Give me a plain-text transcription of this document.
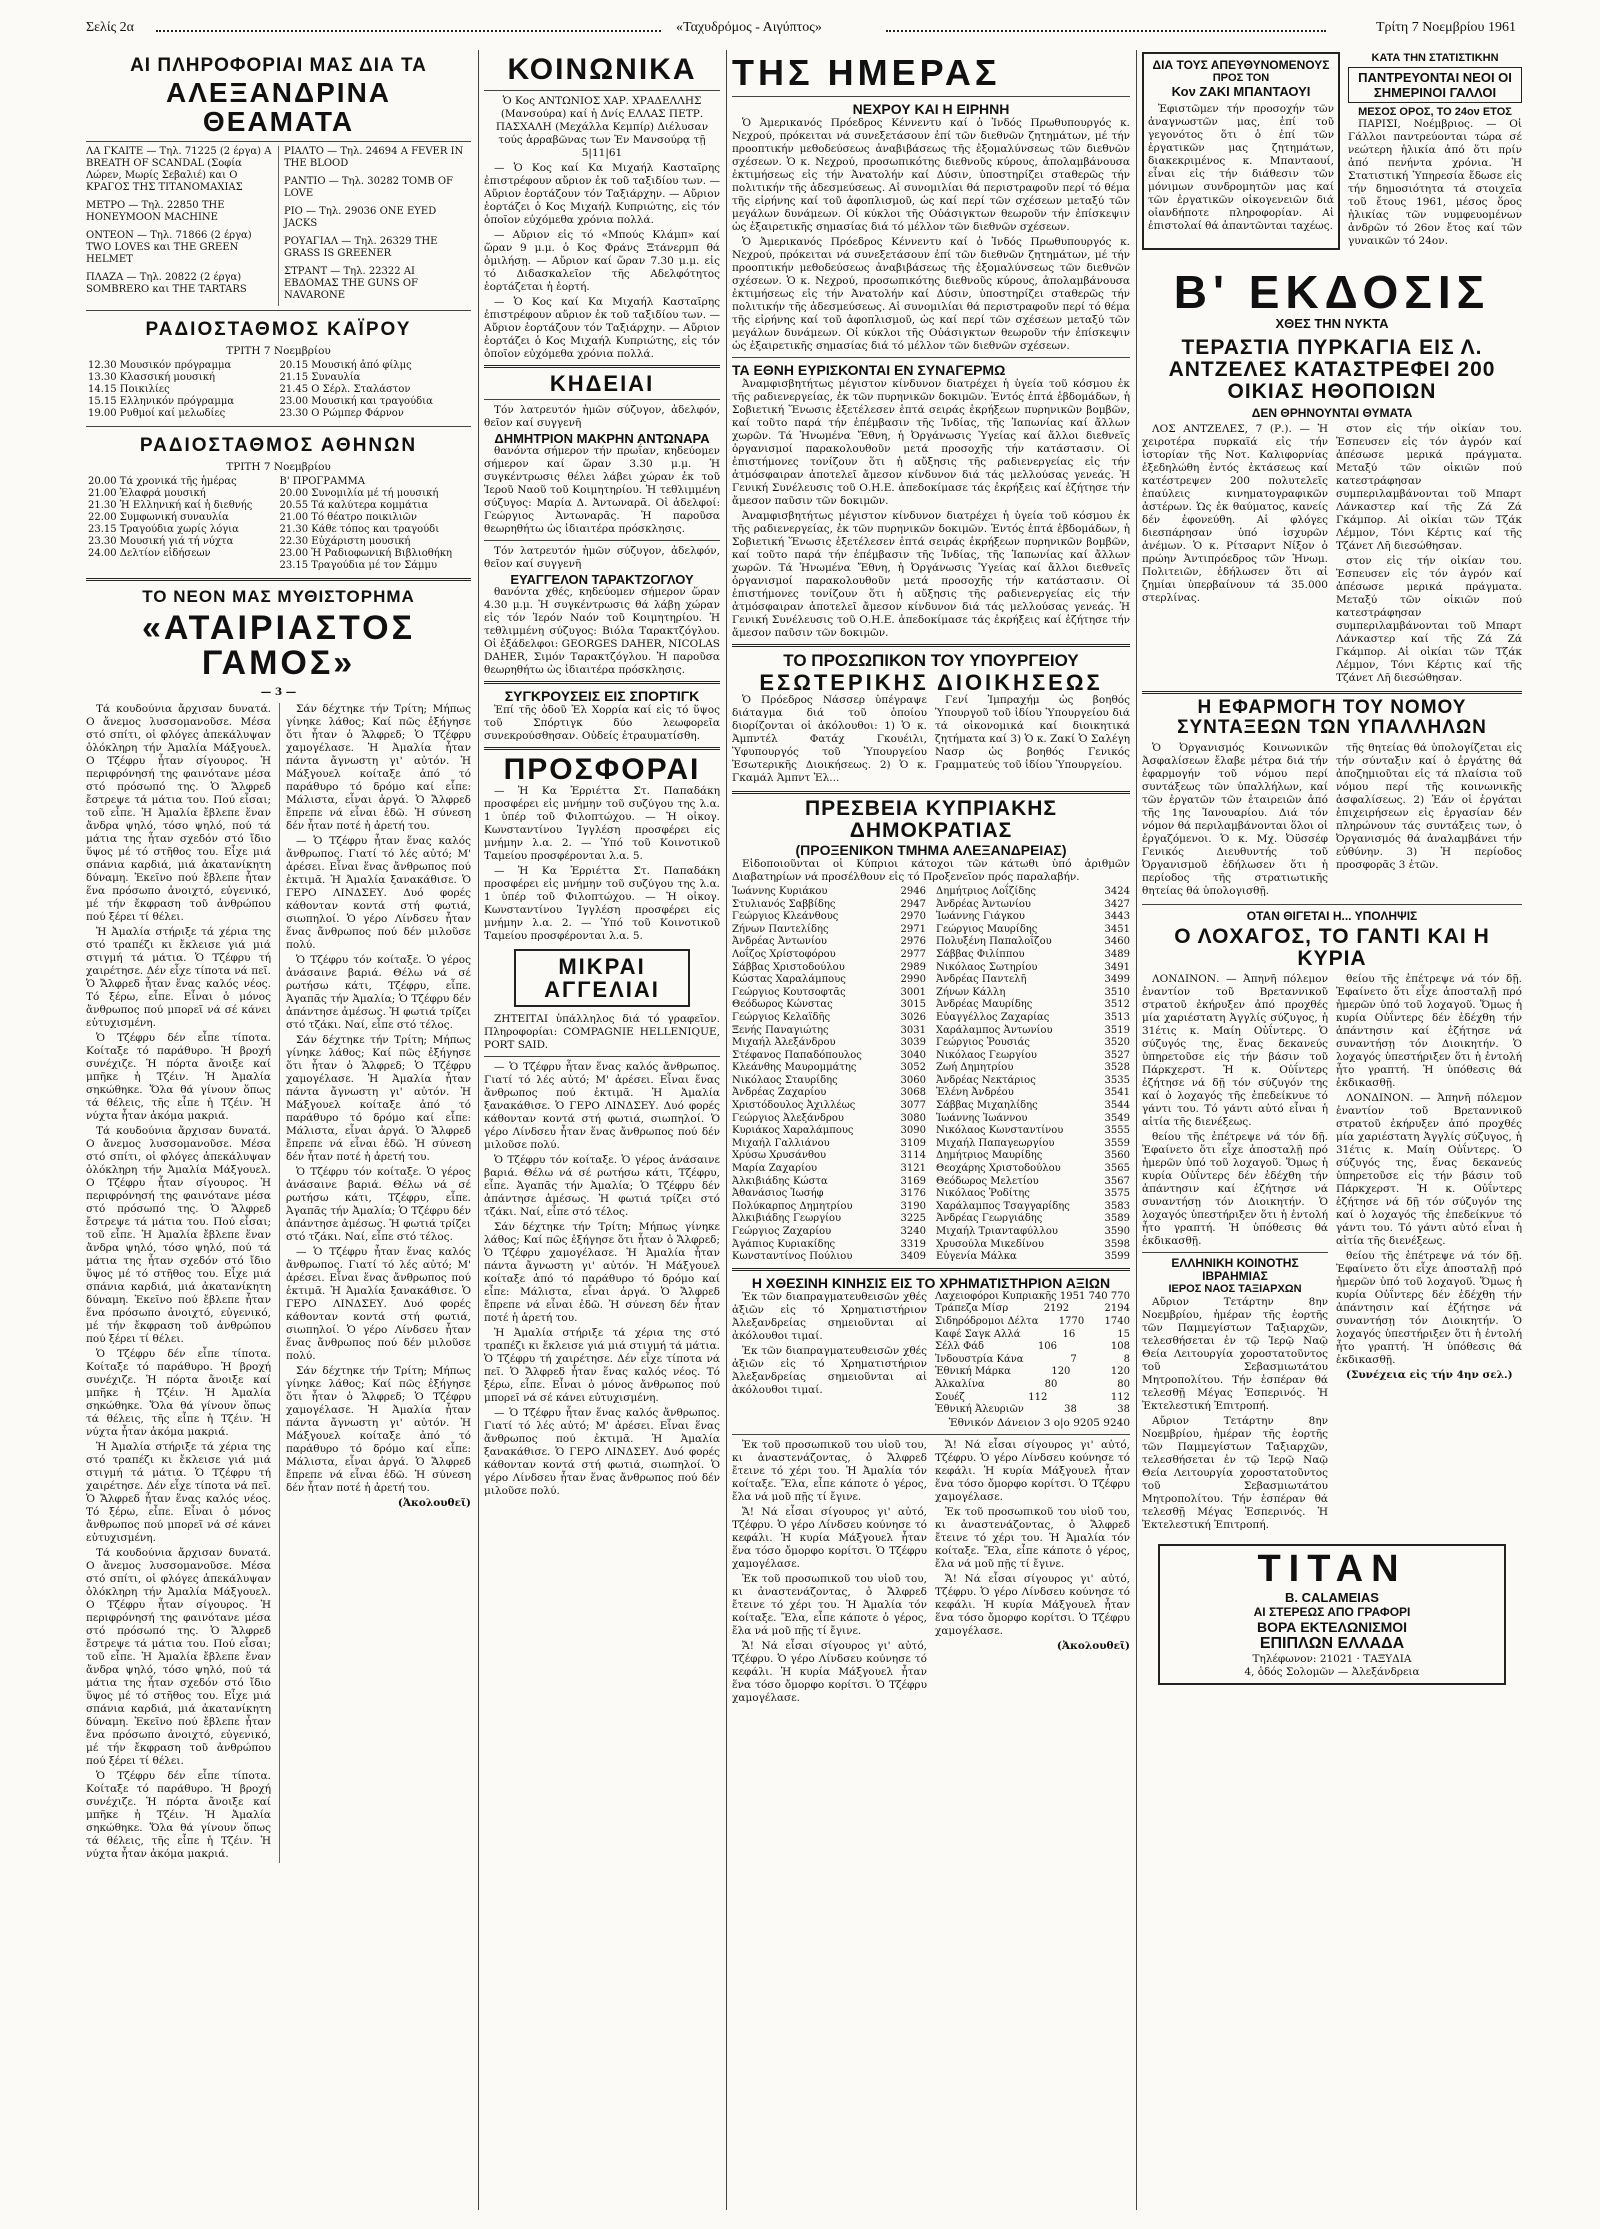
Σελίς 2α	«Ταχυδρόμος - Αιγύπτος»	Τρίτη 7 Νοεμβρίου 1961
ΑΙ ΠΛΗΡΟΦΟΡΙΑΙ ΜΑΣ ΔΙΑ ΤΑ
ΑΛΕΞΑΝΔΡΙΝΑ ΘΕΑΜΑΤΑ
ΛΑ ΓΚΑΙΤΕ — Τηλ. 71225 (2 έργα) A BREATH OF SCANDAL (Σοφία Λώρεν, Μωρίς Σεβαλιέ) και Ο ΚΡΑΓΟΣ ΤΗΣ ΤΙΤΑΝΟΜΑΧΙΑΣ
ΜΕΤΡΟ — Τηλ. 22850 THE HONEYMOON MACHINE
ΟΝΤΕΟΝ — Τηλ. 71866 (2 έργα) TWO LOVES και THE GREEN HELMET
ΠΛΑΖΑ — Τηλ. 20822 (2 έργα) SOMBRERO και THE TARTARS

ΡΙΑΛΤΟ — Τηλ. 24694 A FEVER IN THE BLOOD
ΡΑΝΤΙΟ — Τηλ. 30282 TOMB OF LOVE
ΡΙΟ — Τηλ. 29036 ONE EYED JACKS
ΡΟΥΑΓΙΑΛ — Τηλ. 26329 THE GRASS IS GREENER
ΣΤΡΑΝΤ — Τηλ. 22322 ΑΙ ΕΒΔΟΜΑΣ THE GUNS OF NAVARONE
ΡΑΔΙΟΣΤΑΘΜΟΣ ΚΑΪΡΟΥ
ΤΡΙΤΗ 7 Νοεμβρίου
12.30 Μουσικόν πρόγραμμα
13.30 Κλασσική μουσική
14.15 Ποικιλίες
15.15 Ελληνικόν πρόγραμμα
19.00 Ρυθμοί καί μελωδίες

20.15 Μουσική ἀπό φίλμς
21.15 Συναυλία
21.45 Ο Σέρλ. Σταλάστον
23.00 Μουσική και τραγούδια
23.30 Ο Ρώμπερ Φάρνον
ΡΑΔΙΟΣΤΑΘΜΟΣ ΑΘΗΝΩΝ
ΤΡΙΤΗ 7 Νοεμβρίου
20.00 Τά χρονικά τῆς ἡμέρας
21.00 Ἑλαφρά μουσική
21.30 Ἡ Ελληνική καί ἡ διεθνής
22.00 Συμφωνική συναυλία
23.15 Τραγούδια χωρίς λόγια
23.30 Μουσική γιά τή νύχτα
24.00 Δελτίον εἰδήσεων

Β' ΠΡΟΓΡΑΜΜΑ
20.00 Συνομιλία μέ τή μουσική
20.55 Τά καλύτερα κομμάτια
21.00 Τό θέατρο ποικιλιῶν
21.30 Κάθε τόπος και τραγούδι
22.30 Εὐχάριστη μουσική
23.00 Ἡ Ραδιοφωνική Βιβλιοθήκη
23.15 Τραγούδια μέ τον Σάμμυ
ΤΟ ΝΕΟΝ ΜΑΣ ΜΥΘΙΣΤΟΡΗΜΑ
«ΑΤΑΙΡΙΑΣΤΟΣ ΓΑΜΟΣ»
— 3 —

Τά κουδούνια ἄρχισαν δυνατά. Ο ἄνεμος λυσσομανοῦσε. Μέσα στό σπίτι, οἱ φλόγες ἀπεκάλυψαν ὁλόκληρη τήν Ἀμαλία Μάξγουελ. Ο Τζέφρυ ἦταν σίγουρος. Ἡ περιφρόνησή της φαινότανε μέσα στό πρόσωπό της. Ὁ Ἄλφρεδ ἔστρεψε τά μάτια του. Πού εἶσαι; τοῦ εἶπε. Ἡ Ἀμαλία ἔβλεπε ἕναν ἄνδρα ψηλό, τόσο ψηλό, πού τά μάτια της ἦταν σχεδόν στό ἴδιο ὕψος μέ τό στῆθος του. Εἶχε μιά σπάνια καρδιά, μιά ἀκατανίκητη δύναμη. Ἐκεῖνο πού ἔβλεπε ἦταν ἕνα πρόσωπο ἀνοιχτό, εὐγενικό, μέ τήν ἔκφραση τοῦ ἀνθρώπου πού ξέρει τί θέλει.

Ἡ Ἀμαλία στήριξε τά χέρια της στό τραπέζι κι ἔκλεισε γιά μιά στιγμή τά μάτια. Ὁ Τζέφρυ τή χαιρέτησε. Δέν εἶχε τίποτα νά πεῖ. Ὁ Ἄλφρεδ ἦταν ἕνας καλός νέος. Τό ξέρω, εἶπε. Εἶναι ὁ μόνος ἄνθρωπος πού μπορεῖ νά σέ κάνει εὐτυχισμένη.

Ὁ Τζέφρυ δέν εἶπε τίποτα. Κοίταξε τό παράθυρο. Ἡ βροχή συνέχιζε. Ἡ πόρτα ἄνοιξε καί μπῆκε ἡ Τζέιν. Ἡ Ἀμαλία σηκώθηκε. Ὅλα θά γίνουν ὅπως τά θέλεις, τῆς εἶπε ἡ Τζέιν. Ἡ νύχτα ἦταν ἀκόμα μακριά.

Τά κουδούνια ἄρχισαν δυνατά. Ο ἄνεμος λυσσομανοῦσε. Μέσα στό σπίτι, οἱ φλόγες ἀπεκάλυψαν ὁλόκληρη τήν Ἀμαλία Μάξγουελ. Ο Τζέφρυ ἦταν σίγουρος. Ἡ περιφρόνησή της φαινότανε μέσα στό πρόσωπό της. Ὁ Ἄλφρεδ ἔστρεψε τά μάτια του. Πού εἶσαι; τοῦ εἶπε. Ἡ Ἀμαλία ἔβλεπε ἕναν ἄνδρα ψηλό, τόσο ψηλό, πού τά μάτια της ἦταν σχεδόν στό ἴδιο ὕψος μέ τό στῆθος του. Εἶχε μιά σπάνια καρδιά, μιά ἀκατανίκητη δύναμη. Ἐκεῖνο πού ἔβλεπε ἦταν ἕνα πρόσωπο ἀνοιχτό, εὐγενικό, μέ τήν ἔκφραση τοῦ ἀνθρώπου πού ξέρει τί θέλει.

Ὁ Τζέφρυ δέν εἶπε τίποτα. Κοίταξε τό παράθυρο. Ἡ βροχή συνέχιζε. Ἡ πόρτα ἄνοιξε καί μπῆκε ἡ Τζέιν. Ἡ Ἀμαλία σηκώθηκε. Ὅλα θά γίνουν ὅπως τά θέλεις, τῆς εἶπε ἡ Τζέιν. Ἡ νύχτα ἦταν ἀκόμα μακριά.

Ἡ Ἀμαλία στήριξε τά χέρια της στό τραπέζι κι ἔκλεισε γιά μιά στιγμή τά μάτια. Ὁ Τζέφρυ τή χαιρέτησε. Δέν εἶχε τίποτα νά πεῖ. Ὁ Ἄλφρεδ ἦταν ἕνας καλός νέος. Τό ξέρω, εἶπε. Εἶναι ὁ μόνος ἄνθρωπος πού μπορεῖ νά σέ κάνει εὐτυχισμένη.

Τά κουδούνια ἄρχισαν δυνατά. Ο ἄνεμος λυσσομανοῦσε. Μέσα στό σπίτι, οἱ φλόγες ἀπεκάλυψαν ὁλόκληρη τήν Ἀμαλία Μάξγουελ. Ο Τζέφρυ ἦταν σίγουρος. Ἡ περιφρόνησή της φαινότανε μέσα στό πρόσωπό της. Ὁ Ἄλφρεδ ἔστρεψε τά μάτια του. Πού εἶσαι; τοῦ εἶπε. Ἡ Ἀμαλία ἔβλεπε ἕναν ἄνδρα ψηλό, τόσο ψηλό, πού τά μάτια της ἦταν σχεδόν στό ἴδιο ὕψος μέ τό στῆθος του. Εἶχε μιά σπάνια καρδιά, μιά ἀκατανίκητη δύναμη. Ἐκεῖνο πού ἔβλεπε ἦταν ἕνα πρόσωπο ἀνοιχτό, εὐγενικό, μέ τήν ἔκφραση τοῦ ἀνθρώπου πού ξέρει τί θέλει.

Ὁ Τζέφρυ δέν εἶπε τίποτα. Κοίταξε τό παράθυρο. Ἡ βροχή συνέχιζε. Ἡ πόρτα ἄνοιξε καί μπῆκε ἡ Τζέιν. Ἡ Ἀμαλία σηκώθηκε. Ὅλα θά γίνουν ὅπως τά θέλεις, τῆς εἶπε ἡ Τζέιν. Ἡ νύχτα ἦταν ἀκόμα μακριά.

Σάν δέχτηκε τήν Τρίτη; Μήπως γίνηκε λάθος; Καί πῶς ἐξήγησε ὅτι ἦταν ὁ Ἄλφρεδ; Ὁ Τζέφρυ χαμογέλασε. Ἡ Ἀμαλία ἦταν πάντα ἄγνωστη γι' αὐτόν. Ἡ Μάξγουελ κοίταξε ἀπό τό παράθυρο τό δρόμο καί εἶπε: Μάλιστα, εἶναι ἀργά. Ὁ Ἄλφρεδ ἔπρεπε νά εἶναι ἐδῶ. Ἡ σύνεση δέν ἦταν ποτέ ἡ ἀρετή του.

— Ὁ Τζέφρυ ἦταν ἕνας καλός ἄνθρωπος. Γιατί τό λές αὐτό; Μ' ἀρέσει. Εἶναι ἕνας ἄνθρωπος πού ἐκτιμᾶ. Ἡ Ἀμαλία ξανακάθισε. Ὁ ΓΕΡΟ ΛΙΝΔΣΕΥ. Δυό φορές κάθονταν κοντά στή φωτιά, σιωπηλοί. Ὁ γέρο Λίνδσευ ἦταν ἕνας ἄνθρωπος πού δέν μιλοῦσε πολύ.

Ὁ Τζέφρυ τόν κοίταξε. Ὁ γέρος ἀνάσαινε βαριά. Θέλω νά σέ ρωτήσω κάτι, Τζέφρυ, εἶπε. Ἀγαπᾶς τήν Ἀμαλία; Ὁ Τζέφρυ δέν ἀπάντησε ἀμέσως. Ἡ φωτιά τρίζει στό τζάκι. Ναί, εἶπε στό τέλος.

Σάν δέχτηκε τήν Τρίτη; Μήπως γίνηκε λάθος; Καί πῶς ἐξήγησε ὅτι ἦταν ὁ Ἄλφρεδ; Ὁ Τζέφρυ χαμογέλασε. Ἡ Ἀμαλία ἦταν πάντα ἄγνωστη γι' αὐτόν. Ἡ Μάξγουελ κοίταξε ἀπό τό παράθυρο τό δρόμο καί εἶπε: Μάλιστα, εἶναι ἀργά. Ὁ Ἄλφρεδ ἔπρεπε νά εἶναι ἐδῶ. Ἡ σύνεση δέν ἦταν ποτέ ἡ ἀρετή του.

Ὁ Τζέφρυ τόν κοίταξε. Ὁ γέρος ἀνάσαινε βαριά. Θέλω νά σέ ρωτήσω κάτι, Τζέφρυ, εἶπε. Ἀγαπᾶς τήν Ἀμαλία; Ὁ Τζέφρυ δέν ἀπάντησε ἀμέσως. Ἡ φωτιά τρίζει στό τζάκι. Ναί, εἶπε στό τέλος.

— Ὁ Τζέφρυ ἦταν ἕνας καλός ἄνθρωπος. Γιατί τό λές αὐτό; Μ' ἀρέσει. Εἶναι ἕνας ἄνθρωπος πού ἐκτιμᾶ. Ἡ Ἀμαλία ξανακάθισε. Ὁ ΓΕΡΟ ΛΙΝΔΣΕΥ. Δυό φορές κάθονταν κοντά στή φωτιά, σιωπηλοί. Ὁ γέρο Λίνδσευ ἦταν ἕνας ἄνθρωπος πού δέν μιλοῦσε πολύ.

Σάν δέχτηκε τήν Τρίτη; Μήπως γίνηκε λάθος; Καί πῶς ἐξήγησε ὅτι ἦταν ὁ Ἄλφρεδ; Ὁ Τζέφρυ χαμογέλασε. Ἡ Ἀμαλία ἦταν πάντα ἄγνωστη γι' αὐτόν. Ἡ Μάξγουελ κοίταξε ἀπό τό παράθυρο τό δρόμο καί εἶπε: Μάλιστα, εἶναι ἀργά. Ὁ Ἄλφρεδ ἔπρεπε νά εἶναι ἐδῶ. Ἡ σύνεση δέν ἦταν ποτέ ἡ ἀρετή του.

(Ἀκολουθεῖ)

ΚΟΙΝΩΝΙΚΑ

Ὁ Κος ΑΝΤΩΝΙΟΣ ΧΑΡ. ΧΡΑΔΕΛΛΗΣ (Μανσούρα) καί ἡ Δνίς ΕΛΛΑΣ ΠΕΤΡ. ΠΑΣΧΑΛΗ (Μεχάλλα Κεμπίρ) Διέλυσαν τούς ἀρραβῶνας των Ἐν Μανσούρᾳ τῇ 5|11|61

— Ὁ Κος καί Κα Μιχαήλ Κασταῖρης ἐπιστρέφουν αὔριον ἐκ τοῦ ταξιδίου των. — Αὔριον ἑορτάζουν τόν Ταξιάρχην. — Αὔριον ἑορτάζει ὁ Κος Μιχαήλ Κυπριώτης, εἰς τόν ὁποῖον εὐχόμεθα χρόνια πολλά.

— Αὔριον εἰς τό «Μπούς Κλάμπ» καί ὥραν 9 μ.μ. ὁ Κος Φράνς Ξτάνερμπ θά ὁμιλήσῃ. — Αὔριον καί ὥραν 7.30 μ.μ. εἰς τό Διδασκαλεῖον τῆς Αδελφότητος ἑορτάζεται ἡ ἑορτή.

— Ὁ Κος καί Κα Μιχαήλ Κασταῖρης ἐπιστρέφουν αὔριον ἐκ τοῦ ταξιδίου των. — Αὔριον ἑορτάζουν τόν Ταξιάρχην. — Αὔριον ἑορτάζει ὁ Κος Μιχαήλ Κυπριώτης, εἰς τόν ὁποῖον εὐχόμεθα χρόνια πολλά.

ΚΗΔΕΙΑΙ

Τόν λατρευτόν ἡμῶν σύζυγον, ἀδελφόν, θεῖον καί συγγενῆ

ΔΗΜΗΤΡΙΟΝ ΜΑΚΡΗΝ ΑΝΤΩΝΑΡΑ

θανόντα σήμερον τήν πρωΐαν, κηδεύομεν σήμερον καί ὥραν 3.30 μ.μ. Ἡ συγκέντρωσις θέλει λάβει χώραν ἐκ τοῦ Ἱεροῦ Ναοῦ τοῦ Κοιμητηρίου. Ἡ τεθλιμμένη σύζυγος: Μαρία Δ. Ἀντωναρᾶ. Οἱ ἀδελφοί: Γεώργιος Ἀντωναρᾶς. Ἡ παροῦσα θεωρηθήτω ὡς ἰδιαιτέρα πρόσκλησις.

Τόν λατρευτόν ἡμῶν σύζυγον, ἀδελφόν, θεῖον καί συγγενῆ

ΕΥΑΓΓΕΛΟΝ ΤΑΡΑΚΤΖΟΓΛΟΥ

θανόντα χθές, κηδεύομεν σήμερον ὥραν 4.30 μ.μ. Ἡ συγκέντρωσις θά λάβῃ χώραν εἰς τόν Ἱερόν Ναόν τοῦ Κοιμητηρίου. Ἡ τεθλιμμένη σύζυγος: Βιόλα Ταρακτζόγλου. Οἱ ἐξάδελφοι: GEORGES DAHER, NICOLAS DAHER, Σιμόν Ταρακτζόγλου. Ἡ παροῦσα θεωρηθήτω ὡς ἰδιαιτέρα πρόσκλησις.

ΣΥΓΚΡΟΥΣΕΙΣ ΕΙΣ ΣΠΟΡΤΙΓΚ

Ἐπί τῆς ὁδοῦ Ἐλ Χορρία καί εἰς τό ὕψος τοῦ Σπόρτιγκ δύο λεωφορεῖα συνεκρούσθησαν. Οὐδείς ἐτραυματίσθη.

ΠΡΟΣΦΟΡΑΙ

— Ἡ Κα Ἐρριέττα Στ. Παπαδάκη προσφέρει εἰς μνήμην τοῦ συζύγου της λ.α. 1 ὑπέρ τοῦ Φιλοπτώχου. — Ἡ οἰκογ. Κωνσταντίνου Ἰγγλέση προσφέρει εἰς μνήμην λ.α. 2. — Ὑπό τοῦ Κοινοτικοῦ Ταμείου προσφέρονται λ.α. 5.

— Ἡ Κα Ἐρριέττα Στ. Παπαδάκη προσφέρει εἰς μνήμην τοῦ συζύγου της λ.α. 1 ὑπέρ τοῦ Φιλοπτώχου. — Ἡ οἰκογ. Κωνσταντίνου Ἰγγλέση προσφέρει εἰς μνήμην λ.α. 2. — Ὑπό τοῦ Κοινοτικοῦ Ταμείου προσφέρονται λ.α. 5.

ΜΙΚΡΑΙ ΑΓΓΕΛΙΑΙ

ΖΗΤΕΙΤΑΙ ὑπάλληλος διά τό γραφεῖον. Πληροφορίαι: COMPAGNIE HELLENIQUE, PORT SAID.

— Ὁ Τζέφρυ ἦταν ἕνας καλός ἄνθρωπος. Γιατί τό λές αὐτό; Μ' ἀρέσει. Εἶναι ἕνας ἄνθρωπος πού ἐκτιμᾶ. Ἡ Ἀμαλία ξανακάθισε. Ὁ ΓΕΡΟ ΛΙΝΔΣΕΥ. Δυό φορές κάθονταν κοντά στή φωτιά, σιωπηλοί. Ὁ γέρο Λίνδσευ ἦταν ἕνας ἄνθρωπος πού δέν μιλοῦσε πολύ.

Ὁ Τζέφρυ τόν κοίταξε. Ὁ γέρος ἀνάσαινε βαριά. Θέλω νά σέ ρωτήσω κάτι, Τζέφρυ, εἶπε. Ἀγαπᾶς τήν Ἀμαλία; Ὁ Τζέφρυ δέν ἀπάντησε ἀμέσως. Ἡ φωτιά τρίζει στό τζάκι. Ναί, εἶπε στό τέλος.

Σάν δέχτηκε τήν Τρίτη; Μήπως γίνηκε λάθος; Καί πῶς ἐξήγησε ὅτι ἦταν ὁ Ἄλφρεδ; Ὁ Τζέφρυ χαμογέλασε. Ἡ Ἀμαλία ἦταν πάντα ἄγνωστη γι' αὐτόν. Ἡ Μάξγουελ κοίταξε ἀπό τό παράθυρο τό δρόμο καί εἶπε: Μάλιστα, εἶναι ἀργά. Ὁ Ἄλφρεδ ἔπρεπε νά εἶναι ἐδῶ. Ἡ σύνεση δέν ἦταν ποτέ ἡ ἀρετή του.

Ἡ Ἀμαλία στήριξε τά χέρια της στό τραπέζι κι ἔκλεισε γιά μιά στιγμή τά μάτια. Ὁ Τζέφρυ τή χαιρέτησε. Δέν εἶχε τίποτα νά πεῖ. Ὁ Ἄλφρεδ ἦταν ἕνας καλός νέος. Τό ξέρω, εἶπε. Εἶναι ὁ μόνος ἄνθρωπος πού μπορεῖ νά σέ κάνει εὐτυχισμένη.

— Ὁ Τζέφρυ ἦταν ἕνας καλός ἄνθρωπος. Γιατί τό λές αὐτό; Μ' ἀρέσει. Εἶναι ἕνας ἄνθρωπος πού ἐκτιμᾶ. Ἡ Ἀμαλία ξανακάθισε. Ὁ ΓΕΡΟ ΛΙΝΔΣΕΥ. Δυό φορές κάθονταν κοντά στή φωτιά, σιωπηλοί. Ὁ γέρο Λίνδσευ ἦταν ἕνας ἄνθρωπος πού δέν μιλοῦσε πολύ.

ΤΗΣ ΗΜΕΡΑΣ
ΝΕΧΡΟΥ ΚΑΙ Η ΕΙΡΗΝΗ

Ὁ Ἀμερικανός Πρόεδρος Κέννεντυ καί ὁ Ἰνδός Πρωθυπουργός κ. Νεχρού, πρόκειται νά συνεξετάσουν ἐπί τῶν διεθνῶν ζητημάτων, μέ τήν προοπτικήν μεθοδεύσεως ἀναβιβάσεως τῆς ἐξομαλύνσεως τῶν διεθνῶν σχέσεων. Ὁ κ. Νεχρού, προσωπικότης διεθνοῦς κύρους, ἀπολαμβάνουσα ἐκτιμήσεως εἰς τήν Ἀνατολήν καί Δύσιν, ὑποστηρίζει σταθερῶς τήν πολιτικήν τῆς ἀδεσμεύσεως. Αἱ συνομιλίαι θά περιστραφοῦν περί τό θέμα τῆς εἰρήνης καί τοῦ ἀφοπλισμοῦ, ὡς καί περί τῶν σχέσεων μεταξύ τῶν μεγάλων δυνάμεων. Οἱ κύκλοι τῆς Οὐάσιγκτων θεωροῦν τήν ἐπίσκεψιν ὡς ἐξαιρετικῆς σημασίας διά τό μέλλον τῶν διεθνῶν σχέσεων.

Ὁ Ἀμερικανός Πρόεδρος Κέννεντυ καί ὁ Ἰνδός Πρωθυπουργός κ. Νεχρού, πρόκειται νά συνεξετάσουν ἐπί τῶν διεθνῶν ζητημάτων, μέ τήν προοπτικήν μεθοδεύσεως ἀναβιβάσεως τῆς ἐξομαλύνσεως τῶν διεθνῶν σχέσεων. Ὁ κ. Νεχρού, προσωπικότης διεθνοῦς κύρους, ἀπολαμβάνουσα ἐκτιμήσεως εἰς τήν Ἀνατολήν καί Δύσιν, ὑποστηρίζει σταθερῶς τήν πολιτικήν τῆς ἀδεσμεύσεως. Αἱ συνομιλίαι θά περιστραφοῦν περί τό θέμα τῆς εἰρήνης καί τοῦ ἀφοπλισμοῦ, ὡς καί περί τῶν σχέσεων μεταξύ τῶν μεγάλων δυνάμεων. Οἱ κύκλοι τῆς Οὐάσιγκτων θεωροῦν τήν ἐπίσκεψιν ὡς ἐξαιρετικῆς σημασίας διά τό μέλλον τῶν διεθνῶν σχέσεων.

ΤΑ ΕΘΝΗ ΕΥΡΙΣΚΟΝΤΑΙ ΕΝ ΣΥΝΑΓΕΡΜΩ

Ἀναμφισβητήτως μέγιστον κίνδυνον διατρέχει ἡ ὑγεία τοῦ κόσμου ἐκ τῆς ραδιενεργείας, ἐκ τῶν πυρηνικῶν δοκιμῶν. Ἐντός ἑπτά ἑβδομάδων, ἡ Σοβιετική Ἕνωσις ἐξετέλεσεν ἑπτά σειράς ἐκρήξεων πυρηνικῶν βομβῶν, καί τοῦτο παρά τήν ἐπέμβασιν τῆς Ἰνδίας, τῆς Ἰαπωνίας καί ἄλλων χωρῶν. Τά Ἡνωμένα Ἔθνη, ἡ Ὀργάνωσις Ὑγείας καί ἄλλοι διεθνεῖς ὀργανισμοί παρακολουθοῦν μετά προσοχῆς τήν κατάστασιν. Οἱ ἐπιστήμονες τονίζουν ὅτι ἡ αὔξησις τῆς ραδιενεργείας εἰς τήν ἀτμόσφαιραν ἀποτελεῖ ἄμεσον κίνδυνον διά τάς μελλούσας γενεάς. Ἡ Γενική Συνέλευσις τοῦ Ο.Η.Ε. ἀπεδοκίμασε τάς ἐκρήξεις καί ἐζήτησε τήν ἄμεσον παῦσιν τῶν δοκιμῶν.

Ἀναμφισβητήτως μέγιστον κίνδυνον διατρέχει ἡ ὑγεία τοῦ κόσμου ἐκ τῆς ραδιενεργείας, ἐκ τῶν πυρηνικῶν δοκιμῶν. Ἐντός ἑπτά ἑβδομάδων, ἡ Σοβιετική Ἕνωσις ἐξετέλεσεν ἑπτά σειράς ἐκρήξεων πυρηνικῶν βομβῶν, καί τοῦτο παρά τήν ἐπέμβασιν τῆς Ἰνδίας, τῆς Ἰαπωνίας καί ἄλλων χωρῶν. Τά Ἡνωμένα Ἔθνη, ἡ Ὀργάνωσις Ὑγείας καί ἄλλοι διεθνεῖς ὀργανισμοί παρακολουθοῦν μετά προσοχῆς τήν κατάστασιν. Οἱ ἐπιστήμονες τονίζουν ὅτι ἡ αὔξησις τῆς ραδιενεργείας εἰς τήν ἀτμόσφαιραν ἀποτελεῖ ἄμεσον κίνδυνον διά τάς μελλούσας γενεάς. Ἡ Γενική Συνέλευσις τοῦ Ο.Η.Ε. ἀπεδοκίμασε τάς ἐκρήξεις καί ἐζήτησε τήν ἄμεσον παῦσιν τῶν δοκιμῶν.

ΤΟ ΠΡΟΣΩΠΙΚΟΝ ΤΟΥ ΥΠΟΥΡΓΕΙΟΥ
ΕΣΩΤΕΡΙΚΗΣ ΔΙΟΙΚΗΣΕΩΣ

Ὁ Πρόεδρος Νάσσερ ὑπέγραψε διάταγμα διά τοῦ ὁποίου διορίζονται οἱ ἀκόλουθοι: 1) Ὁ κ. Ἀμπντέλ Φατάχ Γκουέιλι, Ὑφυπουργός τοῦ Ὑπουργείου Ἐσωτερικῆς Διοικήσεως. 2) Ὁ κ. Γκαμάλ Ἀμπντ Ἐλ...

Γενί Ἰμπραχήμ ὡς βοηθός Ὑπουργοῦ τοῦ ἰδίου Ὑπουργείου διά τά οἰκονομικά καί διοικητικά ζητήματα καί 3) Ὁ κ. Ζακί Ὁ Σαλέγη Νασρ ὡς βοηθός Γενικός Γραμματεύς τοῦ ἰδίου Ὑπουργείου.

ΠΡΕΣΒΕΙΑ ΚΥΠΡΙΑΚΗΣ ΔΗΜΟΚΡΑΤΙΑΣ
(ΠΡΟΞΕΝΙΚΟΝ ΤΜΗΜΑ ΑΛΕΞΑΝΔΡΕΙΑΣ)

Εἰδοποιοῦνται οἱ Κύπριοι κάτοχοι τῶν κάτωθι ὑπό ἀριθμῶν Διαβατηρίων νά προσέλθουν εἰς τό Προξενεῖον πρός παραλαβήν.

Ἰωάννης Κυριάκου	2946
Στυλιανός Σαββίδης	2947
Γεώργιος Κλεάνθους	2970
Ζήνων Παντελίδης	2971
Ἀνδρέας Ἀντωνίου	2976
Λοΐζος Χρίστοφόρου	2977
Σάββας Χριστοδούλου	2989
Κώστας Χαραλάμπους	2990
Γεώργιος Κουτσοφτᾶς	3001
Θεόδωρος Κώνστας	3015
Γεώργιος Κελαϊδῆς	3026
Ξενής Παναγιώτης	3031
Μιχαήλ Ἀλεξάνδρου	3039
Στέφανος Παπαδόπουλος	3040
Κλεάνθης Μαυρομμάτης	3052
Νικόλαος Σταυρίδης	3060
Ἀνδρέας Ζαχαρίου	3068
Χριστόδουλος Ἀχιλλέως	3077
Γεώργιος Ἀλεξάνδρου	3080
Κυριάκος Χαραλάμπους	3090
Μιχαήλ Γαλλιάνου	3109
Χρύσω Χρυσάνθου	3114
Μαρία Ζαχαρίου	3121
Ἀλκιβιάδης Κώστα	3169
Ἀθανάσιος Ἰωσήφ	3176
Πολύκαρπος Δημητρίου	3190
Ἀλκιβιάδης Γεωργίου	3225
Γεώργιος Ζαχαρίου	3240
Ἀγάπιος Κυριακίδης	3319
Κωνσταντίνος Πούλιου	3409
Δημήτριος Λοΐζίδης	3424
Ἀνδρέας Ἀντωνίου	3427
Ἰωάννης Γιάγκου	3443
Γεώργιος Μαυρίδης	3451
Πολυξένη Παπαλοΐζου	3460
Σάββας Φιλίππου	3489
Νικόλαος Σωτηρίου	3491
Ἀνδρέας Παντελῆ	3499
Ζήνων Κάλλη	3510
Ἀνδρέας Μαυρίδης	3512
Εὐαγγέλλος Ζαχαρίας	3513
Χαράλαμπος Ἀντωνίου	3519
Γεώργιος Ῥουσιάς	3520
Νικόλαος Γεωργίου	3527
Ζωή Δημητρίου	3528
Ἀνδρέας Νεκτάριος	3535
Ἐλένη Ἀνδρέου	3541
Σάββας Μιχαηλίδης	3544
Ἰωάννης Ἰωάννου	3549
Νικόλαος Κωνσταντίνου	3555
Μιχαήλ Παπαγεωργίου	3559
Δημήτριος Μαυρίδης	3560
Θεοχάρης Χριστοδούλου	3565
Θεόδωρος Μελετίου	3567
Νικόλαος Ῥοδίτης	3575
Χαράλαμπος Τσαγγαρίδης	3583
Ἀνδρέας Γεωργιάδης	3589
Μιχαήλ Τριανταφύλλου	3590
Χρυσούλα Μικεδίνου	3598
Εὐγενία Μάλκα	3599
Η ΧΘΕΣΙΝΗ ΚΙΝΗΣΙΣ ΕΙΣ ΤΟ ΧΡΗΜΑΤΙΣΤΗΡΙΟΝ ΑΞΙΩΝ

Ἐκ τῶν διαπραγματευθεισῶν χθές ἀξιῶν εἰς τό Χρηματιστήριον Ἀλεξανδρείας σημειοῦνται αἱ ἀκόλουθοι τιμαί.

Ἐκ τῶν διαπραγματευθεισῶν χθές ἀξιῶν εἰς τό Χρηματιστήριον Ἀλεξανδρείας σημειοῦνται αἱ ἀκόλουθοι τιμαί.

Λαχειοφόροι Κυπριακῆς 1951 740 770
Τράπεζα Μίσρ	2192	2194
Σιδηρόδρομοι Δέλτα 1770 1740
Καφέ Σαγκ Αλλά	16	15
Σέλλ Φάδ	106	108
Ἰνδουστρία Κάνα	7	8
Ἐθνική Μάρκα	120	120
Ἀλκαλίνα	80	80
Σουέζ	112	112
Ἐθνική Ἀλευριῶν	38	38
Ἐθνικόν Δάνειον 3 ο|ο 9205 9240

Ἐκ τοῦ προσωπικοῦ του υἱοῦ του, κι ἀναστενάζοντας, ὁ Ἄλφρεδ ἔτεινε τό χέρι του. Ἡ Ἀμαλία τόν κοίταξε. Ἔλα, εἶπε κάποτε ὁ γέρος, ἔλα νά μοῦ πῇς τί ἔγινε.

Ἄ! Νά εἶσαι σίγουρος γι' αὐτό, Τζέφρυ. Ὁ γέρο Λίνδσευ κούνησε τό κεφάλι. Ἡ κυρία Μάξγουελ ἦταν ἕνα τόσο ὄμορφο κορίτσι. Ὁ Τζέφρυ χαμογέλασε.

Ἐκ τοῦ προσωπικοῦ του υἱοῦ του, κι ἀναστενάζοντας, ὁ Ἄλφρεδ ἔτεινε τό χέρι του. Ἡ Ἀμαλία τόν κοίταξε. Ἔλα, εἶπε κάποτε ὁ γέρος, ἔλα νά μοῦ πῇς τί ἔγινε.

Ἄ! Νά εἶσαι σίγουρος γι' αὐτό, Τζέφρυ. Ὁ γέρο Λίνδσευ κούνησε τό κεφάλι. Ἡ κυρία Μάξγουελ ἦταν ἕνα τόσο ὄμορφο κορίτσι. Ὁ Τζέφρυ χαμογέλασε.

Ἄ! Νά εἶσαι σίγουρος γι' αὐτό, Τζέφρυ. Ὁ γέρο Λίνδσευ κούνησε τό κεφάλι. Ἡ κυρία Μάξγουελ ἦταν ἕνα τόσο ὄμορφο κορίτσι. Ὁ Τζέφρυ χαμογέλασε.

Ἐκ τοῦ προσωπικοῦ του υἱοῦ του, κι ἀναστενάζοντας, ὁ Ἄλφρεδ ἔτεινε τό χέρι του. Ἡ Ἀμαλία τόν κοίταξε. Ἔλα, εἶπε κάποτε ὁ γέρος, ἔλα νά μοῦ πῇς τί ἔγινε.

Ἄ! Νά εἶσαι σίγουρος γι' αὐτό, Τζέφρυ. Ὁ γέρο Λίνδσευ κούνησε τό κεφάλι. Ἡ κυρία Μάξγουελ ἦταν ἕνα τόσο ὄμορφο κορίτσι. Ὁ Τζέφρυ χαμογέλασε.

(Ἀκολουθεῖ)

ΔΙΑ ΤΟΥΣ ΑΠΕΥΘΥΝΟΜΕΝΟΥΣ
ΠΡΟΣ ΤΟΝ
Κον ΖΑΚΙ ΜΠΑΝΤΑΟΥΙ

Ἐφιστῶμεν τήν προσοχήν τῶν ἀναγνωστῶν μας, ἐπί τοῦ γεγονότος ὅτι ὁ ἐπί τῶν ἐργατικῶν μας ζητημάτων, διακεκριμένος κ. Μπανταουί, εἶναι εἰς τήν διάθεσιν τῶν μόνιμων συνδρομητῶν μας καί τῶν ἐργατικῶν οἰκογενειῶν διά οἰανδήποτε πληροφορίαν. Αἱ ἐπιστολαί θά ἀπαντῶνται ταχέως.

ΚΑΤΑ ΤΗΝ ΣΤΑΤΙΣΤΙΚΗΝ
ΠΑΝΤΡΕΥΟΝΤΑΙ ΝΕΟΙ ΟΙ ΣΗΜΕΡΙΝΟΙ ΓΑΛΛΟΙ
ΜΕΣΟΣ ΟΡΟΣ, ΤΟ 24ον ΕΤΟΣ

ΠΑΡΙΣΙ, Νοέμβριος. — Οἱ Γάλλοι παντρεύονται τώρα σέ νεώτερη ἡλικία ἀπό ὅτι πρίν ἀπό πενήντα χρόνια. Ἡ Στατιστική Ὑπηρεσία ἔδωσε εἰς τήν δημοσιότητα τά στοιχεῖα τοῦ ἔτους 1961, μέσος ὅρος ἡλικίας τῶν νυμφευομένων ἀνδρῶν τό 26ον ἔτος καί τῶν γυναικῶν τό 24ον.

Β' ΕΚΔΟΣΙΣ
ΧΘΕΣ ΤΗΝ ΝΥΚΤΑ
ΤΕΡΑΣΤΙΑ ΠΥΡΚΑΓΙΑ ΕΙΣ Λ. ΑΝΤΖΕΛΕΣ ΚΑΤΑΣΤΡΕΦΕΙ 200 ΟΙΚΙΑΣ ΗΘΟΠΟΙΩΝ
ΔΕΝ ΘΡΗΝΟΥΝΤΑΙ ΘΥΜΑΤΑ

ΛΟΣ ΑΝΤΖΕΛΕΣ, 7 (Ρ.). — Ἡ χειροτέρα πυρκαϊά εἰς τήν ἱστορίαν τῆς Νοτ. Καλιφορνίας ἐξεδηλώθη ἐντός ἐκτάσεως καί κατέστρεψεν 200 πολυτελεῖς ἐπαύλεις κινηματογραφικῶν ἀστέρων. Ὡς ἐκ θαύματος, κανείς δέν ἐφονεύθη. Αἱ φλόγες διεσπάρησαν ὑπό ἰσχυρῶν ἀνέμων. Ὁ κ. Ρίτσαρντ Νίξον ὁ πρώην Ἀντιπρόεδρος τῶν Ἡνωμ. Πολιτειῶν, ἐδήλωσεν ὅτι αἱ ζημίαι ὑπερβαίνουν τά 35.000 στερλίνας.

στον εἰς τήν οἰκίαν του. Ἐσπευσεν εἰς τόν ἀγρόν καί ἀπέσωσε μερικά πράγματα. Μεταξύ τῶν οἰκιῶν πού κατεστράφησαν συμπεριλαμβάνονται τοῦ Μπαρτ Λάνκαστερ καί τῆς Ζά Ζά Γκάμπορ. Αἱ οἰκίαι τῶν Τζάκ Λέμμον, Τόνι Κέρτις καί τῆς Τζάνετ Λῆ διεσώθησαν.

στον εἰς τήν οἰκίαν του. Ἐσπευσεν εἰς τόν ἀγρόν καί ἀπέσωσε μερικά πράγματα. Μεταξύ τῶν οἰκιῶν πού κατεστράφησαν συμπεριλαμβάνονται τοῦ Μπαρτ Λάνκαστερ καί τῆς Ζά Ζά Γκάμπορ. Αἱ οἰκίαι τῶν Τζάκ Λέμμον, Τόνι Κέρτις καί τῆς Τζάνετ Λῆ διεσώθησαν.

Η ΕΦΑΡΜΟΓΗ ΤΟΥ ΝΟΜΟΥ ΣΥΝΤΑΞΕΩΝ ΤΩΝ ΥΠΑΛΛΗΛΩΝ

Ὁ Ὀργανισμός Κοινωνικῶν Ἀσφαλίσεων ἔλαβε μέτρα διά τήν ἐφαρμογήν τοῦ νόμου περί συντάξεως τῶν ὑπαλλήλων, καί τῶν ἐργατῶν τῶν ἐταιρειῶν ἀπό τῆς 1ης Ἰανουαρίου. Διά τόν νόμον θά περιλαμβάνονται ὅλοι οἱ ἐργαζόμενοι. Ὁ κ. Μχ. Ὀϋσσέφ Γενικός Διευθυντής τοῦ Ὀργανισμοῦ ἐδήλωσεν ὅτι ἡ περίοδος τῆς στρατιωτικῆς θητείας θά ὑπολογισθῇ.

τῆς θητείας θά ὑπολογίζεται εἰς τήν σύνταξιν καί ὁ ἐργάτης θά ἀποζημιοῦται εἰς τά πλαίσια τοῦ νόμου περί τῆς κοινωνικῆς ἀσφαλίσεως. 2) Ἐάν οἱ ἐργάται ἐπιχειρήσεων εἰς ἐργασίαν δέν πληρώνουν τάς συντάξεις των, ὁ Ὀργανισμός θά ἀναλαμβάνει τήν εὐθύνην. 3) Ἡ περίοδος προσφορᾶς 3 ἐτῶν.

ΟΤΑΝ ΘΙΓΕΤΑΙ Η... ΥΠΟΛΗΨΙΣ
Ο ΛΟΧΑΓΟΣ, ΤΟ ΓΑΝΤΙ ΚΑΙ Η ΚΥΡΙΑ

ΛΟΝΔΙΝΟΝ. — Ἀπηνῆ πόλεμον ἐναντίον τοῦ Βρεταννικοῦ στρατοῦ ἐκήρυξεν ἀπό προχθές μία χαριέστατη Ἀγγλίς σύζυγος, ἡ 31έτις κ. Μαίη Οὐΐντερς. Ὁ σύζυγός της, ἕνας δεκανεύς ὑπηρετοῦσε εἰς τήν βάσιν τοῦ Πάρκχερστ. Ἡ κ. Οὐΐντερς ἐζήτησε νά δῇ τόν σύζυγόν της καί ὁ λοχαγός τῆς ἐπεδείκνυε τό γάντι του. Τό γάντι αὐτό εἶναι ἡ αἰτία τῆς διενέξεως.

θείου τῆς ἐπέτρεψε νά τόν δῇ. Ἐφαίνετο ὅτι εἶχε ἀποσταλῇ πρό ἡμερῶν ὑπό τοῦ λοχαγοῦ. Ὅμως ἡ κυρία Οὐΐντερς δέν ἐδέχθη τήν ἀπάντησιν καί ἐζήτησε νά συναντήσῃ τόν Διοικητήν. Ὁ λοχαγός ὑπεστήριξεν ὅτι ἡ ἐντολή ἦτο γραπτή. Ἡ ὑπόθεσις θά ἐκδικασθῇ.

ΕΛΛΗΝΙΚΗ ΚΟΙΝΟΤΗΣ ΙΒΡΑΗΜΙΑΣ
ΙΕΡΟΣ ΝΑΟΣ ΤΑΞΙΑΡΧΩΝ

Αὔριον Τετάρτην 8ην Νοεμβρίου, ἡμέραν τῆς ἑορτῆς τῶν Παμμεγίστων Ταξιαρχῶν, τελεσθήσεται ἐν τῷ Ἱερῷ Ναῷ Θεία Λειτουργία χοροστατοῦντος τοῦ Σεβασμιωτάτου Μητροπολίτου. Τήν ἑσπέραν θά τελεσθῇ Μέγας Ἑσπερινός. Ἡ Ἐκτελεστική Ἐπιτροπή.

Αὔριον Τετάρτην 8ην Νοεμβρίου, ἡμέραν τῆς ἑορτῆς τῶν Παμμεγίστων Ταξιαρχῶν, τελεσθήσεται ἐν τῷ Ἱερῷ Ναῷ Θεία Λειτουργία χοροστατοῦντος τοῦ Σεβασμιωτάτου Μητροπολίτου. Τήν ἑσπέραν θά τελεσθῇ Μέγας Ἑσπερινός. Ἡ Ἐκτελεστική Ἐπιτροπή.

θείου τῆς ἐπέτρεψε νά τόν δῇ. Ἐφαίνετο ὅτι εἶχε ἀποσταλῇ πρό ἡμερῶν ὑπό τοῦ λοχαγοῦ. Ὅμως ἡ κυρία Οὐΐντερς δέν ἐδέχθη τήν ἀπάντησιν καί ἐζήτησε νά συναντήσῃ τόν Διοικητήν. Ὁ λοχαγός ὑπεστήριξεν ὅτι ἡ ἐντολή ἦτο γραπτή. Ἡ ὑπόθεσις θά ἐκδικασθῇ.

ΛΟΝΔΙΝΟΝ. — Ἀπηνῆ πόλεμον ἐναντίον τοῦ Βρεταννικοῦ στρατοῦ ἐκήρυξεν ἀπό προχθές μία χαριέστατη Ἀγγλίς σύζυγος, ἡ 31έτις κ. Μαίη Οὐΐντερς. Ὁ σύζυγός της, ἕνας δεκανεύς ὑπηρετοῦσε εἰς τήν βάσιν τοῦ Πάρκχερστ. Ἡ κ. Οὐΐντερς ἐζήτησε νά δῇ τόν σύζυγόν της καί ὁ λοχαγός τῆς ἐπεδείκνυε τό γάντι του. Τό γάντι αὐτό εἶναι ἡ αἰτία τῆς διενέξεως.

θείου τῆς ἐπέτρεψε νά τόν δῇ. Ἐφαίνετο ὅτι εἶχε ἀποσταλῇ πρό ἡμερῶν ὑπό τοῦ λοχαγοῦ. Ὅμως ἡ κυρία Οὐΐντερς δέν ἐδέχθη τήν ἀπάντησιν καί ἐζήτησε νά συναντήσῃ τόν Διοικητήν. Ὁ λοχαγός ὑπεστήριξεν ὅτι ἡ ἐντολή ἦτο γραπτή. Ἡ ὑπόθεσις θά ἐκδικασθῇ.

(Συνέχεια εἰς τήν 4ην σελ.)

ΤΙΤΑΝ
B. CALAMEIAS
ΑΙ ΣΤΕΡΕΩΣ ΑΠΟ ΓΡΑΦΟΡΙ
ΒΟΡΑ ΕΚΤΕΛΩΝΙΣΜΟΙ
ΕΠΙΠΛΩΝ ΕΛΛΑΔΑ
Τηλέφωνον: 21021 · ΤΑΞΥΔΙΑ
4, ὁδός Σολομῶν — Ἀλεξάνδρεια
